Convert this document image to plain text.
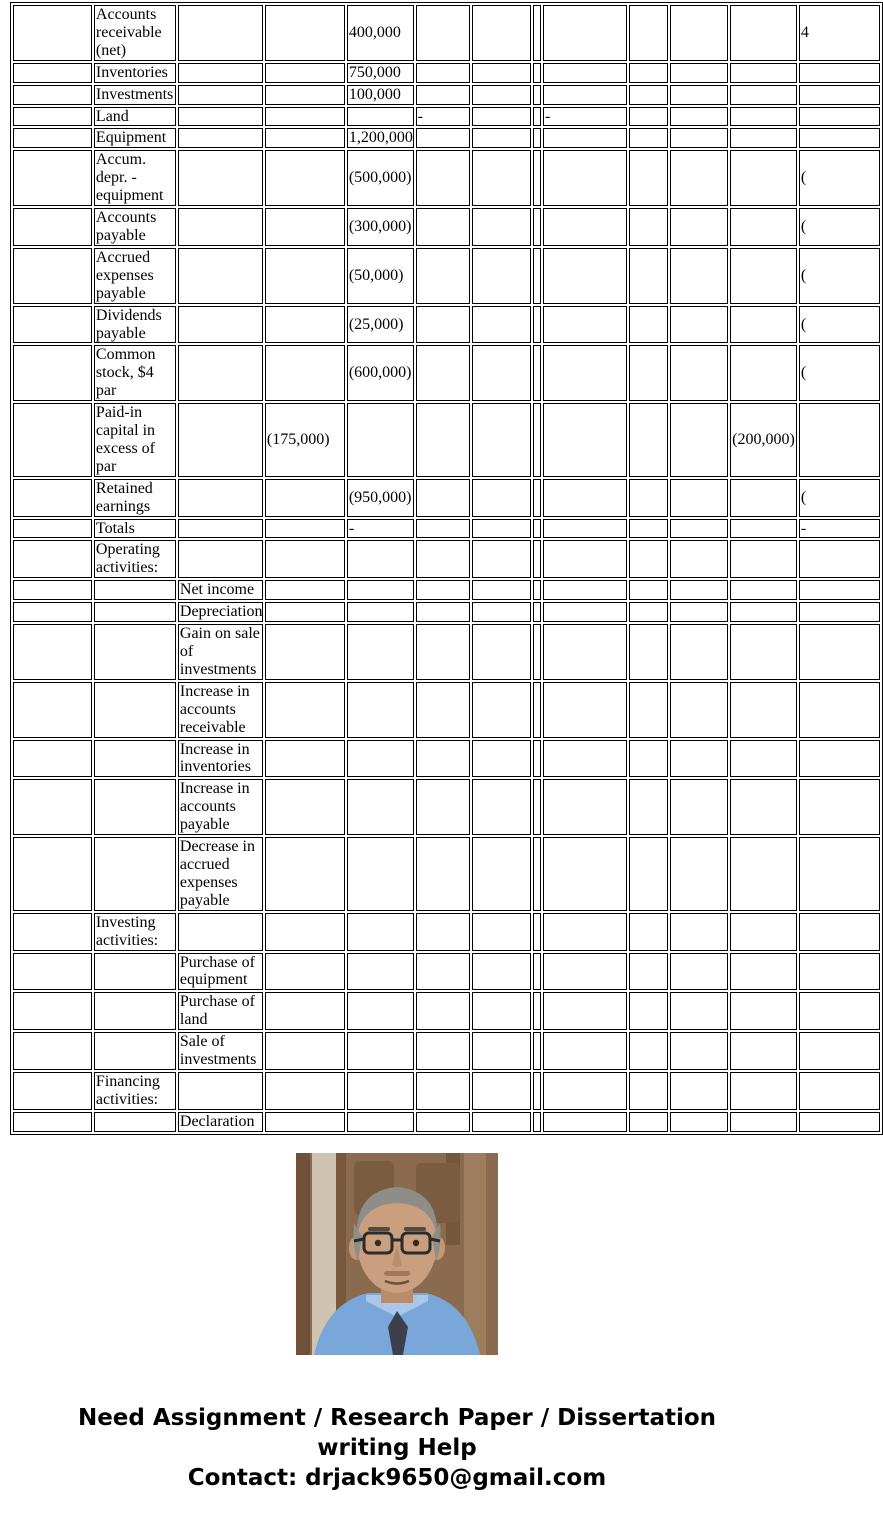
	Accounts receivable (net)			400,000								4
	Inventories			750,000								
	Investments			100,000								
	Land				-			-				
	Equipment			1,200,000								
	Accum. depr. - equipment			(500,000)								(
	Accounts payable			(300,000)								(
	Accrued expenses payable			(50,000)								(
	Dividends payable			(25,000)								(
	Common stock, $4 par			(600,000)								(
	Paid-in capital in excess of par		(175,000)								(200,000)	
	Retained earnings			(950,000)								(
	Totals			-								-
	Operating activities:											
		Net income										
		Depreciation										
		Gain on sale of investments										
		Increase in accounts receivable										
		Increase in inventories										
		Increase in accounts payable										
		Decrease in accrued expenses payable										
	Investing activities:											
		Purchase of equipment										
		Purchase of land										
		Sale of investments										
	Financing activities:											
		Declaration										
Need Assignment / Research Paper / Dissertation
writing Help
Contact: drjack9650@gmail.com
